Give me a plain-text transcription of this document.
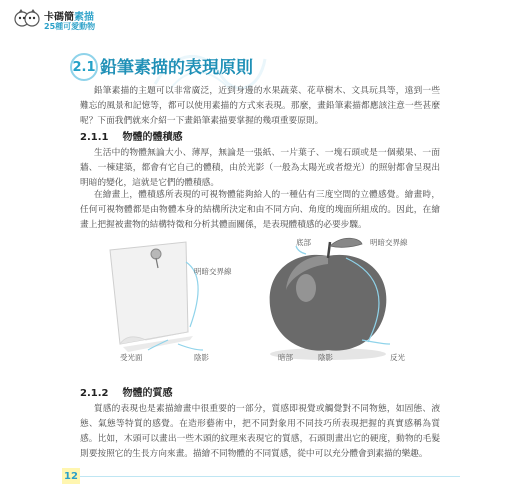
卡碼簡素描
25種可愛動物
2.1 鉛筆素描的表現原則
鉛筆素描的主題可以非常廣泛，近到身邊的水果蔬菜、花草樹木、文具玩具等，遠到一些難忘的風景和記憶等，都可以使用素描的方式來表現。那麼，畫鉛筆素描都應該注意一些甚麼呢？下面我們就來介紹一下畫鉛筆素描要掌握的幾項重要原則。
2.1.1 物體的體積感
生活中的物體無論大小、薄厚，無論是一張紙、一片葉子、一塊石頭或是一個蘋果、一面牆、一棟建築，都會有它自己的體積，由於光影（一般為太陽光或者燈光）的照射都會呈現出明暗的變化，這就是它們的體積感。
在繪畫上，體積感所表現的可視物體能夠給人的一種佔有三度空間的立體感覺。繪畫時，任何可視物體都是由物體本身的結構所決定和由不同方向、角度的塊面所組成的。因此，在繪畫上把握被畫物的結構特徵和分析其體面關係，是表現體積感的必要步驟。
明暗交界線
受光面	陰影
底部	明暗交界線
暗部	陰影	反光
2.1.2 物體的質感
質感的表現也是素描繪畫中很重要的一部分，質感即視覺或觸覺對不同物態，如固態、液態、氣態等特質的感覺。在造形藝術中，把不同對象用不同技巧所表現把握的真實感稱為質感。比如，木頭可以畫出一些木頭的紋理來表現它的質感，石頭則畫出它的硬度，動物的毛髮則要按照它的生長方向來畫。描繪不同物體的不同質感，從中可以充分體會到素描的樂趣。
12
